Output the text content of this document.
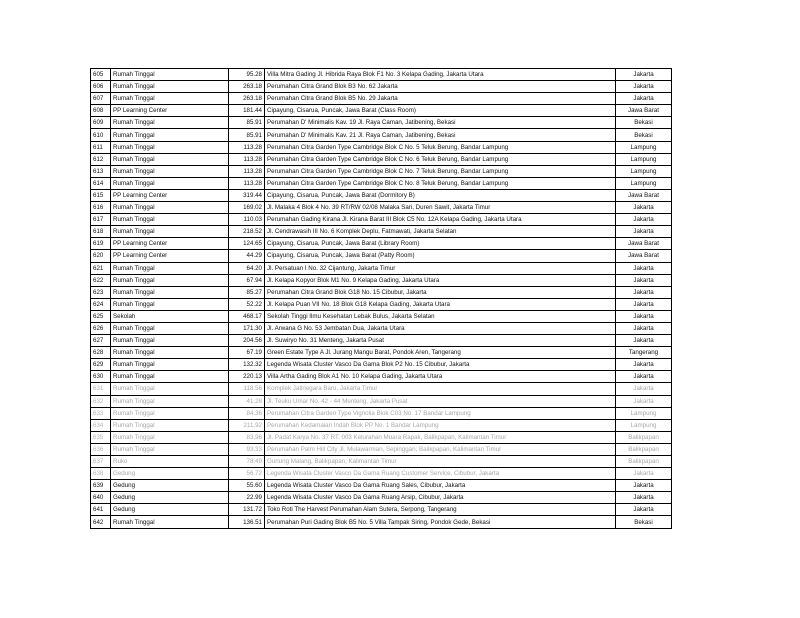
605	Rumah Tinggal	95.28	Villa Mitra Gading Jl. Hibrida Raya Blok F1 No. 3 Kelapa Gading, Jakarta Utara	Jakarta
606	Rumah Tinggal	263.18	Perumahan Citra Grand Blok B3 No. 62 Jakarta	Jakarta
607	Rumah Tinggal	263.18	Perumahan Citra Grand Blok B5 No. 29 Jakarta	Jakarta
608	PP Learning Center	181.44	Cipayung, Cisarua, Puncak, Jawa Barat (Class Room)	Jawa Barat
609	Rumah Tinggal	85.91	Perumahan D' Minimalis Kav. 19 Jl. Raya Caman, Jatibening, Bekasi	Bekasi
610	Rumah Tinggal	85.91	Perumahan D' Minimalis Kav. 21 Jl. Raya Caman, Jatibening, Bekasi	Bekasi
611	Rumah Tinggal	113.28	Perumahan Citra Garden Type Cambridge Blok C No. 5 Teluk Berung, Bandar Lampung	Lampung
612	Rumah Tinggal	113.28	Perumahan Citra Garden Type Cambridge Blok C No. 6 Teluk Berung, Bandar Lampung	Lampung
613	Rumah Tinggal	113.28	Perumahan Citra Garden Type Cambridge Blok C No. 7 Teluk Berung, Bandar Lampung	Lampung
614	Rumah Tinggal	113.28	Perumahan Citra Garden Type Cambridge Blok C No. 8 Teluk Berung, Bandar Lampung	Lampung
615	PP Learning Center	319.44	Cipayung, Cisarua, Puncak, Jawa Barat (Dormitory B)	Jawa Barat
616	Rumah Tinggal	169.02	Jl. Malaka 4 Blok 4 No. 39 RT/RW 02/08 Malaka Sari, Duren Sawit, Jakarta Timur	Jakarta
617	Rumah Tinggal	110.03	Perumahan Gading Kirana Jl. Kirana Barat III Blok C5 No. 12A Kelapa Gading, Jakarta Utara	Jakarta
618	Rumah Tinggal	218.52	Jl. Cendrawasih III No. 6 Komplek Deplu, Fatmawati, Jakarta Selatan	Jakarta
619	PP Learning Center	124.65	Cipayung, Cisarua, Puncak, Jawa Barat (Library Room)	Jawa Barat
620	PP Learning Center	44.29	Cipayung, Cisarua, Puncak, Jawa Barat (Patty Room)	Jawa Barat
621	Rumah Tinggal	64.20	Jl. Persatuan I No. 32 Cijantung, Jakarta Timur	Jakarta
622	Rumah Tinggal	67.94	Jl. Kelapa Kopyor Blok M1 No. 9 Kelapa Gading, Jakarta Utara	Jakarta
623	Rumah Tinggal	85.27	Perumahan Citra Grand Blok G18 No. 15 Cibubur, Jakarta	Jakarta
624	Rumah Tinggal	52.22	Jl. Kelapa Puan VII No. 18 Blok G18 Kelapa Gading, Jakarta Utara	Jakarta
625	Sekolah	468.17	Sekolah Tinggi Ilmu Kesehatan Lebak Bulus, Jakarta Selatan	Jakarta
626	Rumah Tinggal	171.30	Jl. Arwana G No. 53 Jembatan Dua, Jakarta Utara	Jakarta
627	Rumah Tinggal	204.56	Jl. Suwiryo No. 31 Menteng, Jakarta Pusat	Jakarta
628	Rumah Tinggal	67.19	Green Estate Type A Jl. Jurang Mangu Barat, Pondok Aren, Tangerang	Tangerang
629	Rumah Tinggal	132.32	Legenda Wisata Cluster Vasco Da Gama Blok P2 No. 15 Cibubur, Jakarta	Jakarta
630	Rumah Tinggal	220.13	Villa Artha Gading Blok A1 No. 10 Kelapa Gading, Jakarta Utara	Jakarta
631	Rumah Tinggal	118.56	Komplek Jatinegara Baru, Jakarta Timur	Jakarta
632	Rumah Tinggal	41.28	Jl. Teuku Umar No. 42 - 44 Menteng, Jakarta Pusat	Jakarta
633	Rumah Tinggal	84.36	Perumahan Citra Garden Type Vignolia Blok C03 No. 17 Bandar Lampung	Lampung
634	Rumah Tinggal	211.92	Perumahan Kedamaian Indah Blok PP No. 1 Bandar Lampung	Lampung
635	Rumah Tinggal	83.96	Jl. Padat Karya No. 37 RT. 003 Kelurahan Muara Rapak, Balikpapan, Kalimantan Timur	Balikpapan
636	Rumah Tinggal	93.33	Perumahan Palm Hill City Jl. Mulawarman, Sepinggan, Balikpapan, Kalimantan Timur	Balikpapan
637	Ruko	78.49	Gunung Malang, Balikpapan, Kalimantan Timur	Balikpapan
638	Gedung	56.72	Legenda Wisata Cluster Vasco Da Gama Ruang Customer Service, Cibubur, Jakarta	Jakarta
639	Gedung	55.60	Legenda Wisata Cluster Vasco Da Gama Ruang Sales, Cibubur, Jakarta	Jakarta
640	Gedung	22.99	Legenda Wisata Cluster Vasco Da Gama Ruang Arsip, Cibubur, Jakarta	Jakarta
641	Gedung	131.72	Toko Roti The Harvest Perumahan Alam Sutera, Serpong, Tangerang	Jakarta
642	Rumah Tinggal	136.51	Perumahan Puri Gading Blok B5 No. 5 Villa Tampak Siring, Pondok Gede, Bekasi	Bekasi
